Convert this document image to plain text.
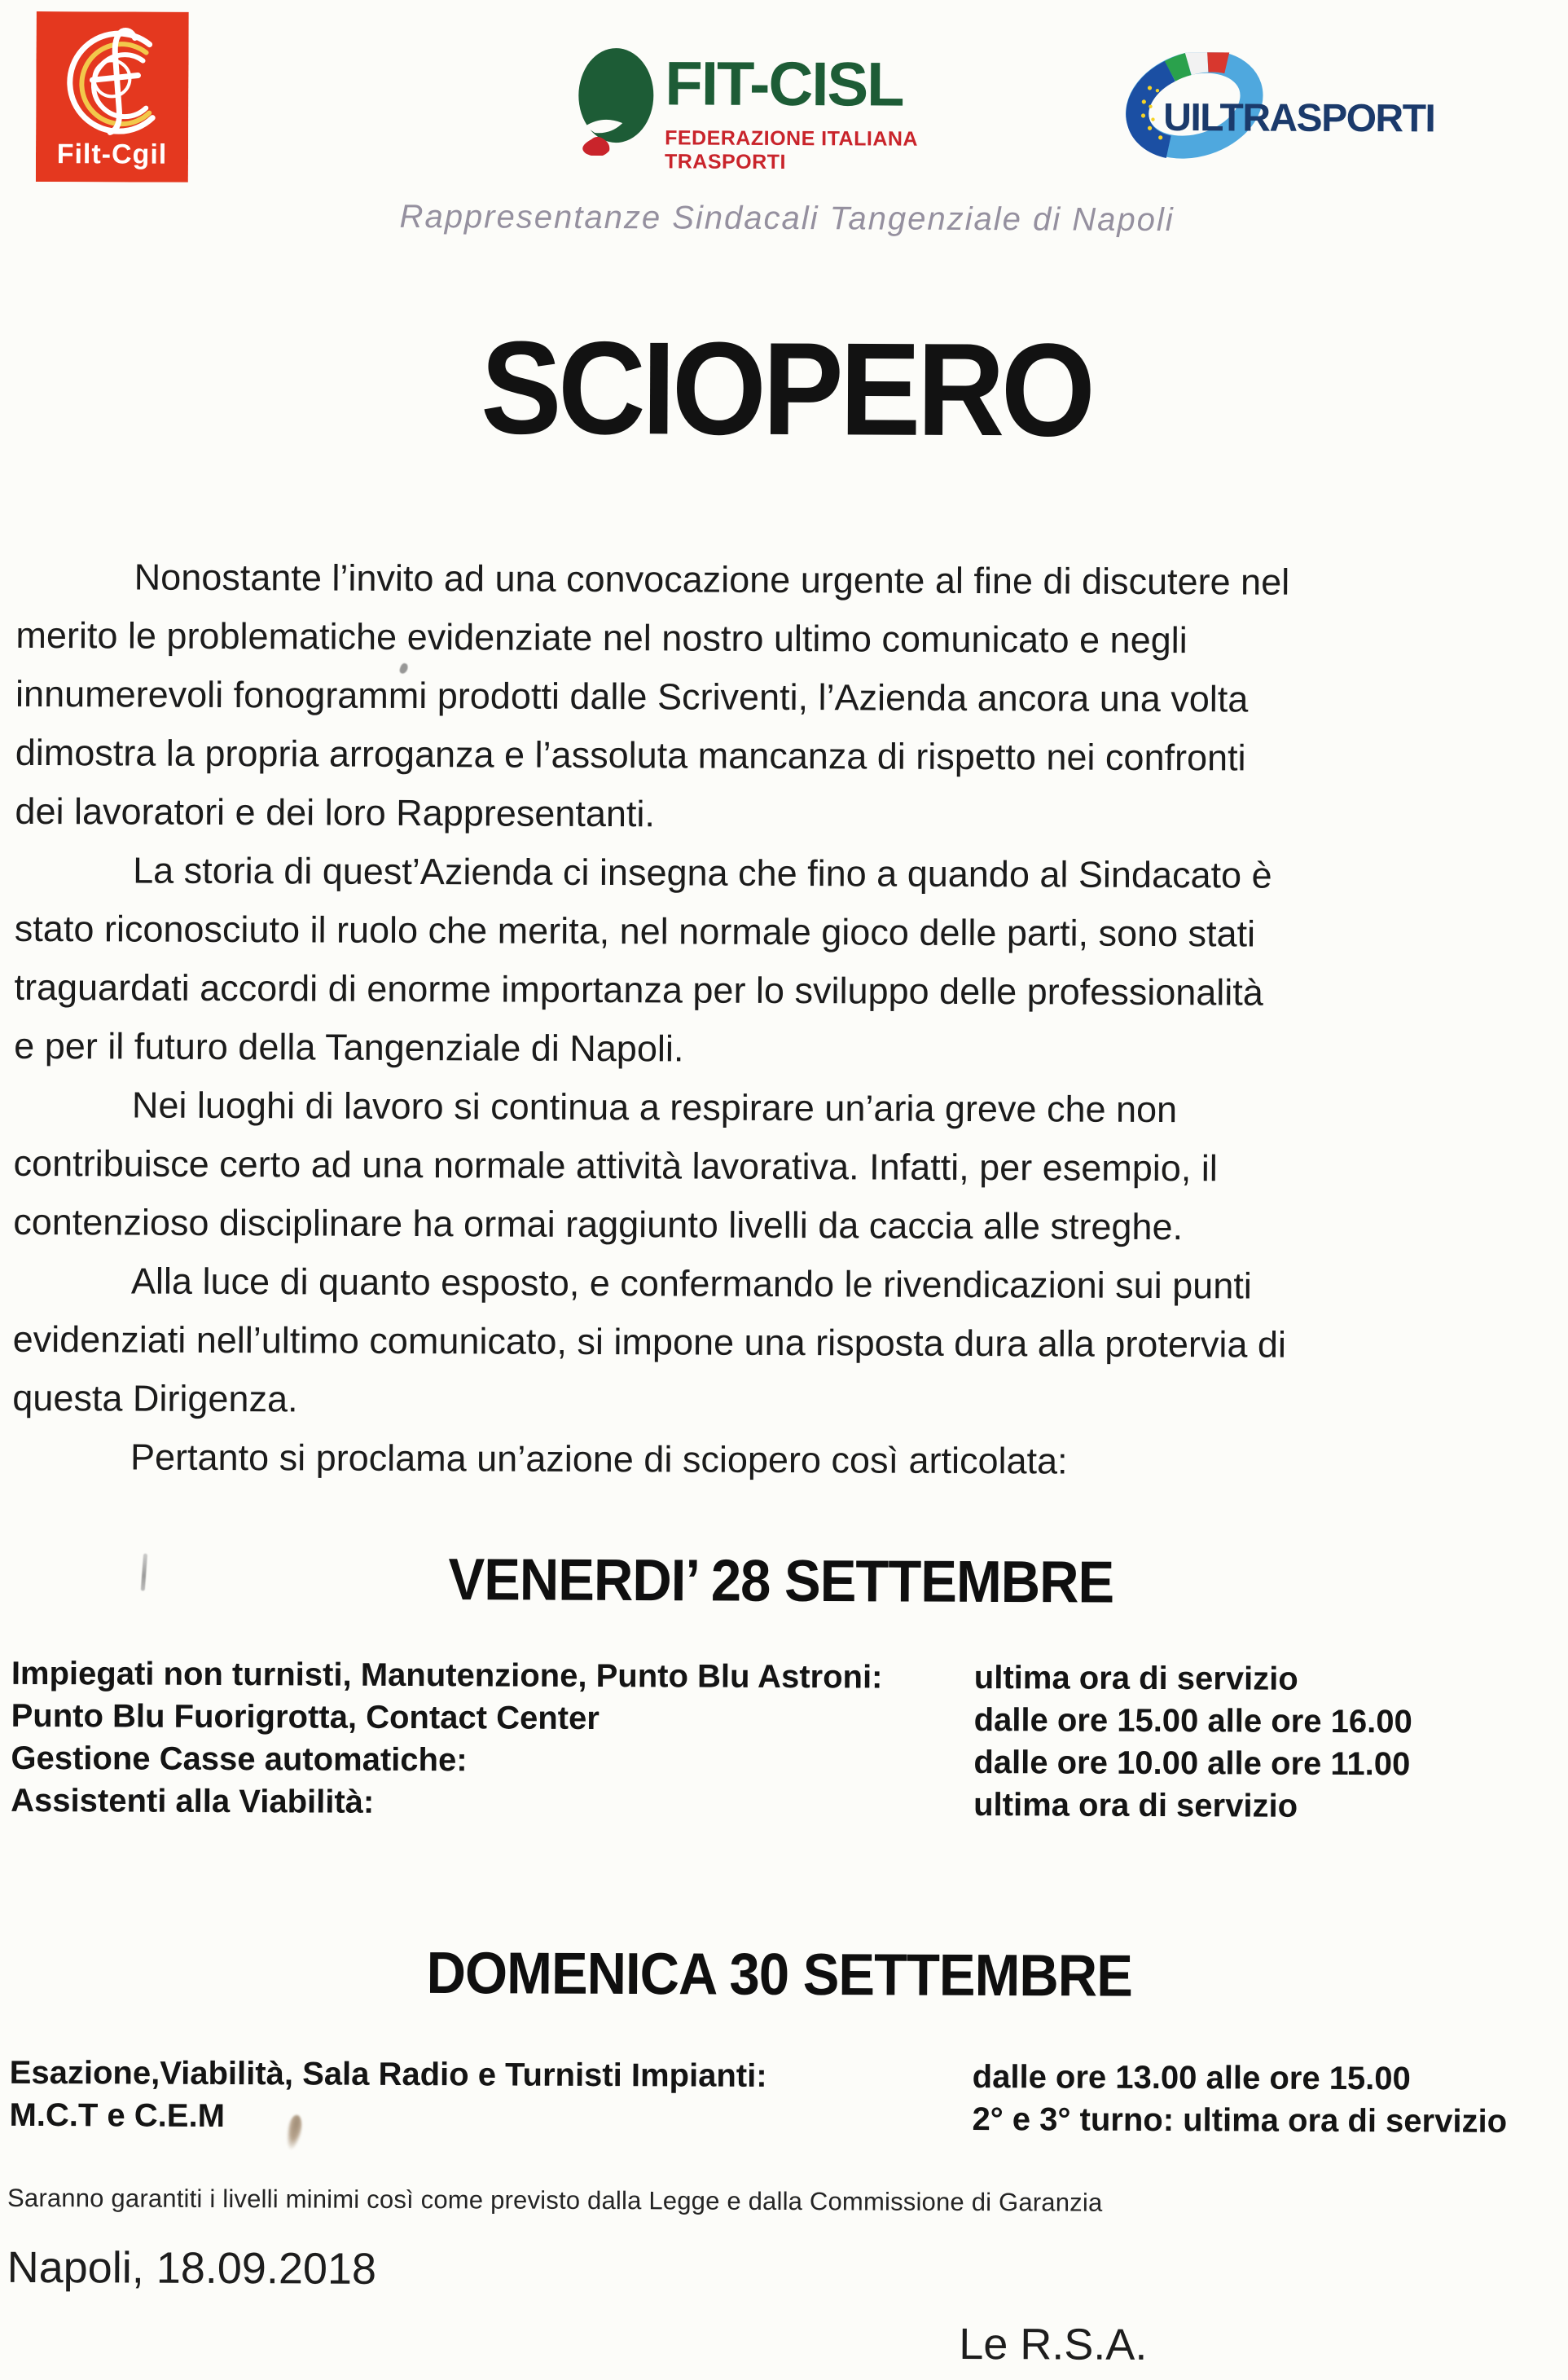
Filt-Cgil
FIT-CISL
FEDERAZIONE ITALIANA TRASPORTI
UILTRASPORTI
Rappresentanze Sindacali Tangenziale di Napoli
SCIOPERO
Nonostante l’invito ad una convocazione urgente al fine di discutere nel
merito le problematiche evidenziate nel nostro ultimo comunicato e negli
innumerevoli fonogrammi prodotti dalle Scriventi, l’Azienda ancora una volta
dimostra la propria arroganza e l’assoluta mancanza di rispetto nei confronti
dei lavoratori e dei loro Rappresentanti.
La storia di quest’Azienda ci insegna che fino a quando al Sindacato è
stato riconosciuto il ruolo che merita, nel normale gioco delle parti, sono stati
traguardati accordi di enorme importanza per lo sviluppo delle professionalità
e per il futuro della Tangenziale di Napoli.
Nei luoghi di lavoro si continua a respirare un’aria greve che non
contribuisce certo ad una normale attività lavorativa. Infatti, per esempio, il
contenzioso disciplinare ha ormai raggiunto livelli da caccia alle streghe.
Alla luce di quanto esposto, e confermando le rivendicazioni sui punti
evidenziati nell’ultimo comunicato, si impone una risposta dura alla protervia di
questa Dirigenza.
Pertanto si proclama un’azione di sciopero così articolata:
VENERDI’ 28 SETTEMBRE
Impiegati non turnisti, Manutenzione, Punto Blu Astroni:	ultima ora di servizio
Punto Blu Fuorigrotta, Contact Center	dalle ore 15.00 alle ore 16.00
Gestione Casse automatiche:	dalle ore 10.00 alle ore 11.00
Assistenti alla Viabilità:	ultima ora di servizio
DOMENICA 30 SETTEMBRE
Esazione,Viabilità, Sala Radio e Turnisti Impianti:	dalle ore 13.00 alle ore 15.00
M.C.T e C.E.M	2° e 3° turno: ultima ora di servizio
Saranno garantiti i livelli minimi così come previsto dalla Legge e dalla Commissione di Garanzia
Napoli, 18.09.2018
Le R.S.A.
